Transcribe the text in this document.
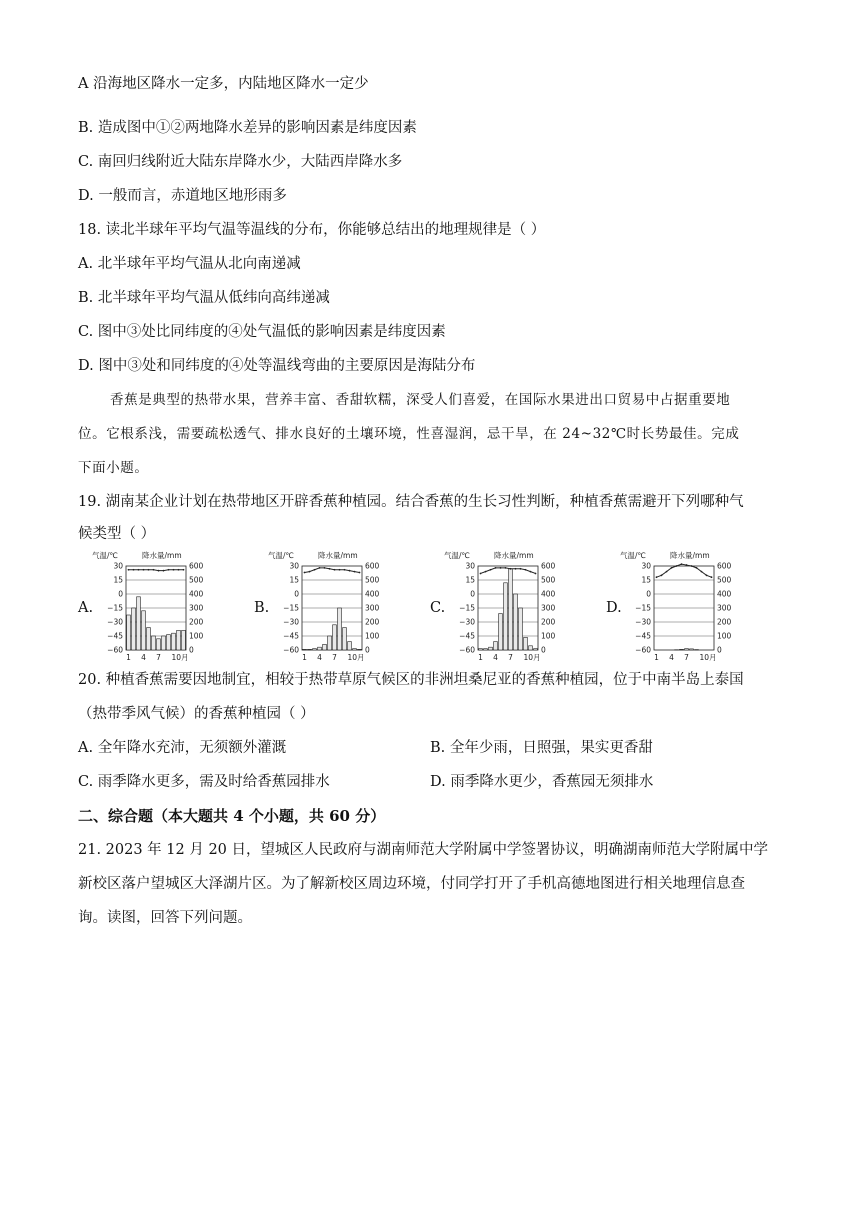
A 沿海地区降水一定多，内陆地区降水一定少
B. 造成图中①②两地降水差异的影响因素是纬度因素
C. 南回归线附近大陆东岸降水少，大陆西岸降水多
D. 一般而言，赤道地区地形雨多
18. 读北半球年平均气温等温线的分布，你能够总结出的地理规律是（ ）
A. 北半球年平均气温从北向南递减
B. 北半球年平均气温从低纬向高纬递减
C. 图中③处比同纬度的④处气温低的影响因素是纬度因素
D. 图中③处和同纬度的④处等温线弯曲的主要原因是海陆分布
香蕉是典型的热带水果，营养丰富、香甜软糯，深受人们喜爱，在国际水果进出口贸易中占据重要地
位。它根系浅，需要疏松透气、排水良好的土壤环境，性喜湿润，忌干旱，在 24~32℃时长势最佳。完成
下面小题。
19. 湖南某企业计划在热带地区开辟香蕉种植园。结合香蕉的生长习性判断，种植香蕉需避开下列哪种气
候类型（ ）
A.
气温/℃	降水量/mm
30	600
15	500
0	400
−15	300
−30	200
−45	100
−60	0
1 4 7 10月
B.
气温/℃	降水量/mm
30	600
15	500
0	400
−15	300
−30	200
−45	100
−60	0
1 4 7 10月
C.
气温/℃	降水量/mm
30	600
15	500
0	400
−15	300
−30	200
−45	100
−60	0
1 4 7 10月
D.
气温/℃	降水量/mm
30	600
15	500
0	400
−15	300
−30	200
−45	100
−60	0
1 4 7 10月
20. 种植香蕉需要因地制宜，相较于热带草原气候区的非洲坦桑尼亚的香蕉种植园，位于中南半岛上泰国
（热带季风气候）的香蕉种植园（ ）
A. 全年降水充沛，无须额外灌溉	B. 全年少雨，日照强，果实更香甜
C. 雨季降水更多，需及时给香蕉园排水	D. 雨季降水更少，香蕉园无须排水
二、综合题（本大题共 4 个小题，共 60 分）
21. 2023 年 12 月 20 日，望城区人民政府与湖南师范大学附属中学签署协议，明确湖南师范大学附属中学
新校区落户望城区大泽湖片区。为了解新校区周边环境，付同学打开了手机高德地图进行相关地理信息查
询。读图，回答下列问题。
